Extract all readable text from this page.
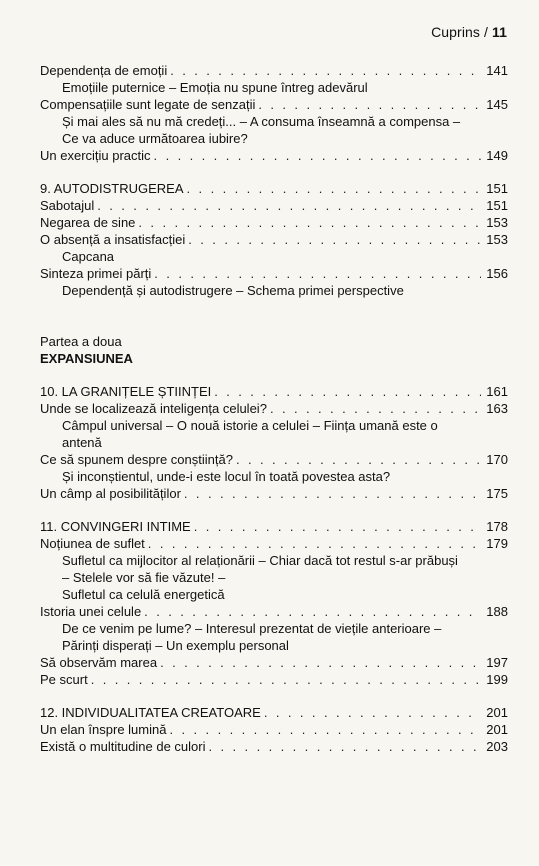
Cuprins / 11
Dependența de emoții . . .	141
Emoțiile puternice – Emoția nu spune întreg adevărul
Compensațiile sunt legate de senzații . . .	145
Și mai ales să nu mă credeți... – A consuma înseamnă a compensa – Ce va aduce următoarea iubire?
Un exercițiu practic . . .	149
9. AUTODISTRUGEREA . . .	151
Sabotajul . . .	151
Negarea de sine . . .	153
O absență a insatisfacției . . .	153
Capcana
Sinteza primei părți . . .	156
Dependență și autodistrugere – Schema primei perspective
Partea a doua
EXPANSIUNEA
10. LA GRANIȚELE ȘTIINȚEI . . .	161
Unde se localizează inteligența celulei? . . .	163
Câmpul universal – O nouă istorie a celulei – Ființa umană este o antenă
Ce să spunem despre conștiință? . . .	170
Și inconștientul, unde-i este locul în toată povestea asta?
Un câmp al posibilităților . . .	175
11. CONVINGERI INTIME . . .	178
Noțiunea de suflet . . .	179
Sufletul ca mijlocitor al relaționării – Chiar dacă tot restul s-ar prăbuși – Stelele vor să fie văzute! –
Sufletul ca celulă energetică
Istoria unei celule . . .	188
De ce venim pe lume? – Interesul prezentat de viețile anterioare – Părinți disperați – Un exemplu personal
Să observăm marea . . .	197
Pe scurt . . .	199
12. INDIVIDUALITATEA CREATOARE . . .	201
Un elan înspre lumină . . .	201
Există o multitudine de culori . . .	203
